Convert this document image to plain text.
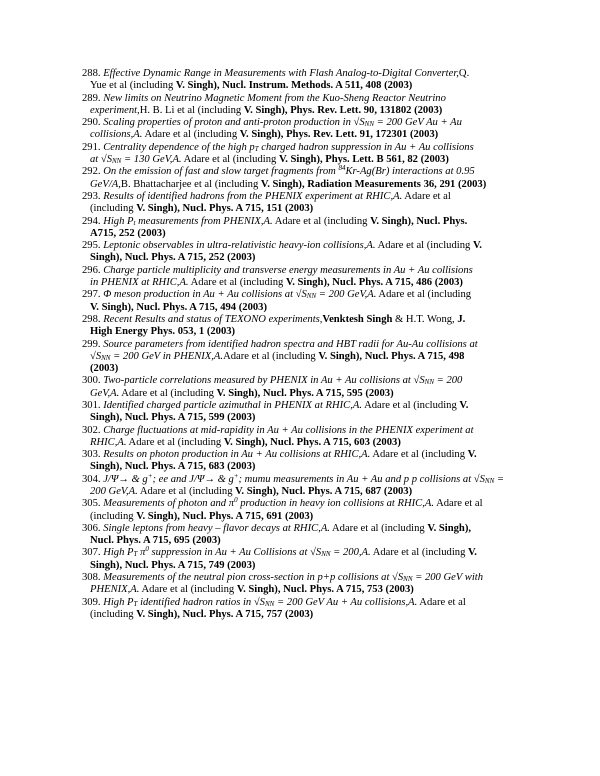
288. Effective Dynamic Range in Measurements with Flash Analog-to-Digital Converter,Q.
Yue et al (including V. Singh), Nucl. Instrum. Methods. A 511, 408 (2003)
289. New limits on Neutrino Magnetic Moment from the Kuo-Sheng Reactor Neutrino
experiment,H. B. Li et al (including V. Singh), Phys. Rev. Lett. 90, 131802 (2003)
290. Scaling properties of proton and anti-proton production in $√S_{NN} = 200$ GeV Au + Au
collisions,A. Adare et al (including V. Singh), Phys. Rev. Lett. 91, 172301 (2003)
291. Centrality dependence of the high $p_T$ charged hadron suppression in Au + Au collisions
at $√S_{NN} = 130$ GeV,A. Adare et al (including V. Singh), Phys. Lett. B 561, 82 (2003)
292. On the emission of fast and slow target fragments from $^{84}$Kr-Ag(Br) interactions at 0.95
GeV/A,B. Bhattacharjee et al (including V. Singh), Radiation Measurements 36, 291 (2003)
293. Results of identified hadrons from the PHENIX experiment at RHIC,A. Adare et al
(including V. Singh), Nucl. Phys. A 715, 151 (2003)
294. High $P_t$ measurements from PHENIX,A. Adare et al (including V. Singh), Nucl. Phys.
A715, 252 (2003)
295. Leptonic observables in ultra-relativistic heavy-ion collisions,A. Adare et al (including V.
Singh), Nucl. Phys. A 715, 252 (2003)
296. Charge particle multiplicity and transverse energy measurements in Au + Au collisions
in PHENIX at RHIC,A. Adare et al (including V. Singh), Nucl. Phys. A 715, 486 (2003)
297. Φ meson production in Au + Au collisions at $√S_{NN} = 200$ GeV,A. Adare et al (including
V. Singh), Nucl. Phys. A 715, 494 (2003)
298. Recent Results and status of TEXONO experiments,Venktesh Singh & H.T. Wong, J.
High Energy Phys. 053, 1 (2003)
299. Source parameters from identified hadron spectra and HBT radii for Au-Au collisions at
$√S_{NN} = 200$ GeV in PHENIX,A.Adare et al (including V. Singh), Nucl. Phys. A 715, 498
(2003)
300. Two-particle correlations measured by PHENIX in Au + Au collisions at $√S_{NN} = 200$
GeV,A. Adare et al (including V. Singh), Nucl. Phys. A 715, 595 (2003)
301. Identified charged particle azimuthal in PHENIX at RHIC,A. Adare et al (including V.
Singh), Nucl. Phys. A 715, 599 (2003)
302. Charge fluctuations at mid-rapidity in Au + Au collisions in the PHENIX experiment at
RHIC,A. Adare et al (including V. Singh), Nucl. Phys. A 715, 603 (2003)
303. Results on photon production in Au + Au collisions at RHIC,A. Adare et al (including V.
Singh), Nucl. Phys. A 715, 683 (2003)
304. J/Ψ→ & g+; ee and J/Ψ→ & g+; mumu measurements in Au + Au and p p collisions at $√S_{NN}$ =
200 GeV,A. Adare et al (including V. Singh), Nucl. Phys. A 715, 687 (2003)
305. Measurements of photon and $\pi^0$ production in heavy ion collisions at RHIC,A. Adare et al
(including V. Singh), Nucl. Phys. A 715, 691 (2003)
306. Single leptons from heavy – flavor decays at RHIC,A. Adare et al (including V. Singh),
Nucl. Phys. A 715, 695 (2003)
307. High $P_T$ $\pi^0$ suppression in Au + Au Collisions at $√S_{NN} = 200,A$. Adare et al (including V.
Singh), Nucl. Phys. A 715, 749 (2003)
308. Measurements of the neutral pion cross-section in p+p collisions at $√S_{NN} = 200$ GeV with
PHENIX,A. Adare et al (including V. Singh), Nucl. Phys. A 715, 753 (2003)
309. High $P_T$ identified hadron ratios in $√S_{NN} = 200$ GeV Au + Au collisions,A. Adare et al
(including V. Singh), Nucl. Phys. A 715, 757 (2003)
